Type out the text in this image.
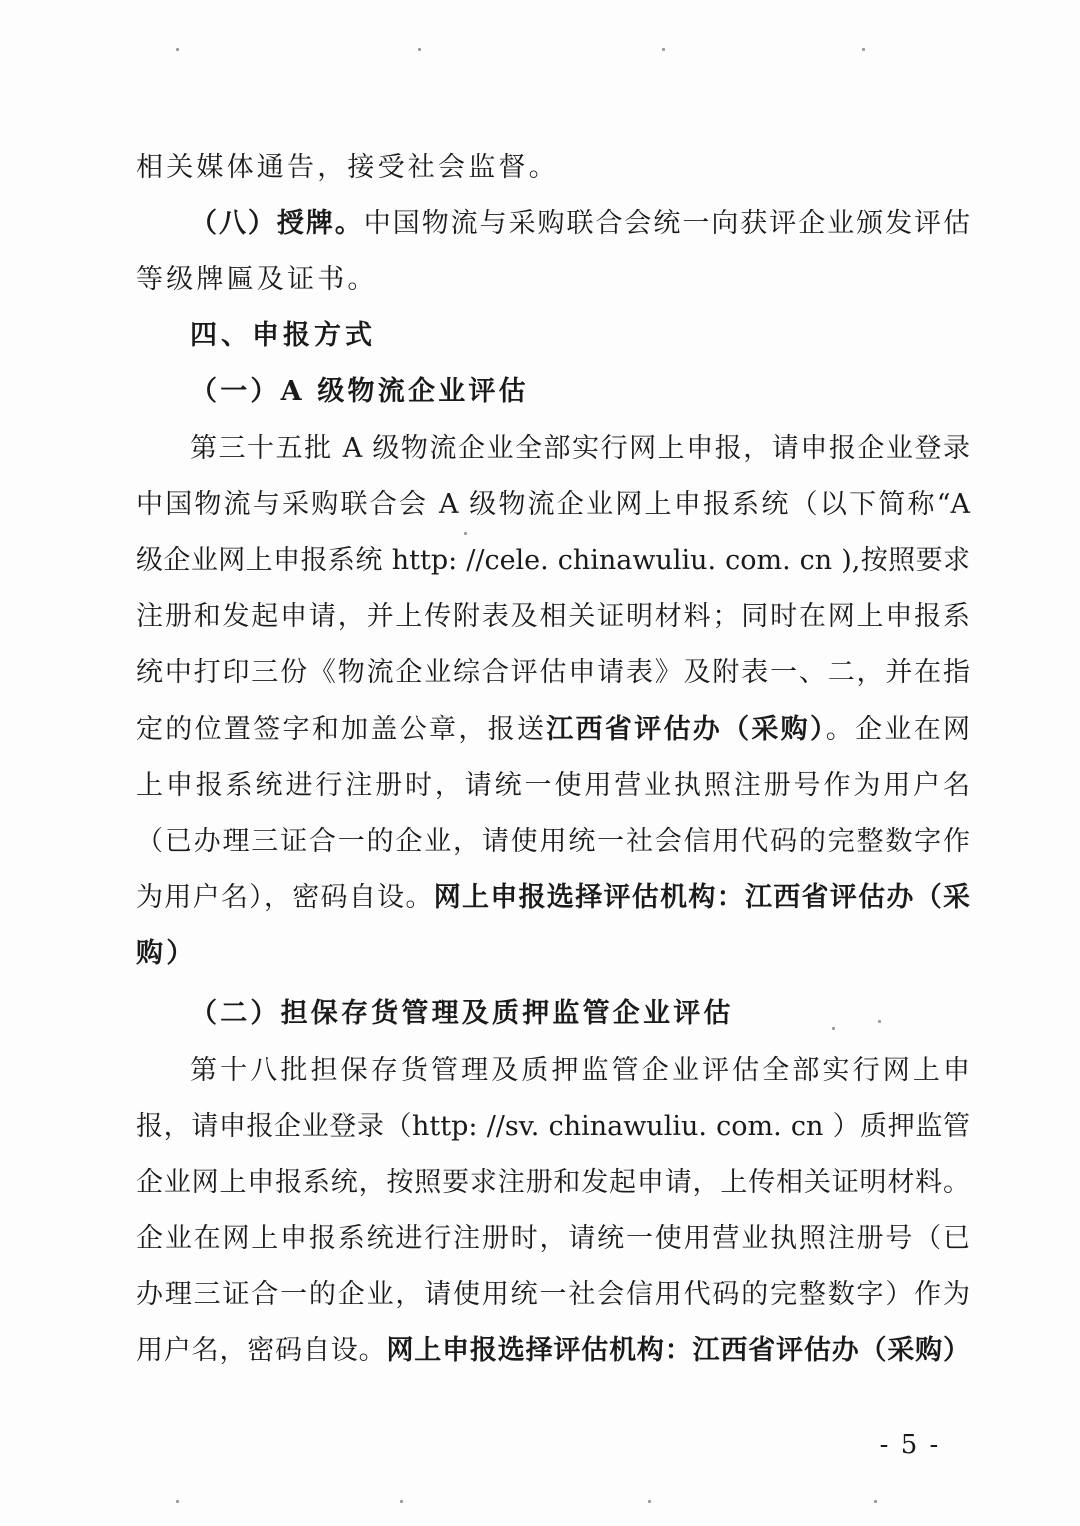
相关媒体通告，接受社会监督。
（八）授牌。中国物流与采购联合会统一向获评企业颁发评估
等级牌匾及证书。
四、申报方式
（一）A 级物流企业评估
第三十五批 A 级物流企业全部实行网上申报，请申报企业登录
中国物流与采购联合会 A 级物流企业网上申报系统（以下简称“A
级企业网上申报系统 http: //cele. chinawuliu. com. cn ),按照要求
注册和发起申请，并上传附表及相关证明材料；同时在网上申报系
统中打印三份《物流企业综合评估申请表》及附表一、二，并在指
定的位置签字和加盖公章，报送江西省评估办（采购）。企业在网
上申报系统进行注册时，请统一使用营业执照注册号作为用户名
（已办理三证合一的企业，请使用统一社会信用代码的完整数字作
为用户名），密码自设。网上申报选择评估机构：江西省评估办（采
购）
（二）担保存货管理及质押监管企业评估
第十八批担保存货管理及质押监管企业评估全部实行网上申
报，请申报企业登录（http: //sv. chinawuliu. com. cn ）质押监管
企业网上申报系统，按照要求注册和发起申请，上传相关证明材料。
企业在网上申报系统进行注册时，请统一使用营业执照注册号（已
办理三证合一的企业，请使用统一社会信用代码的完整数字）作为
用户名，密码自设。网上申报选择评估机构：江西省评估办（采购）
- 5 -
